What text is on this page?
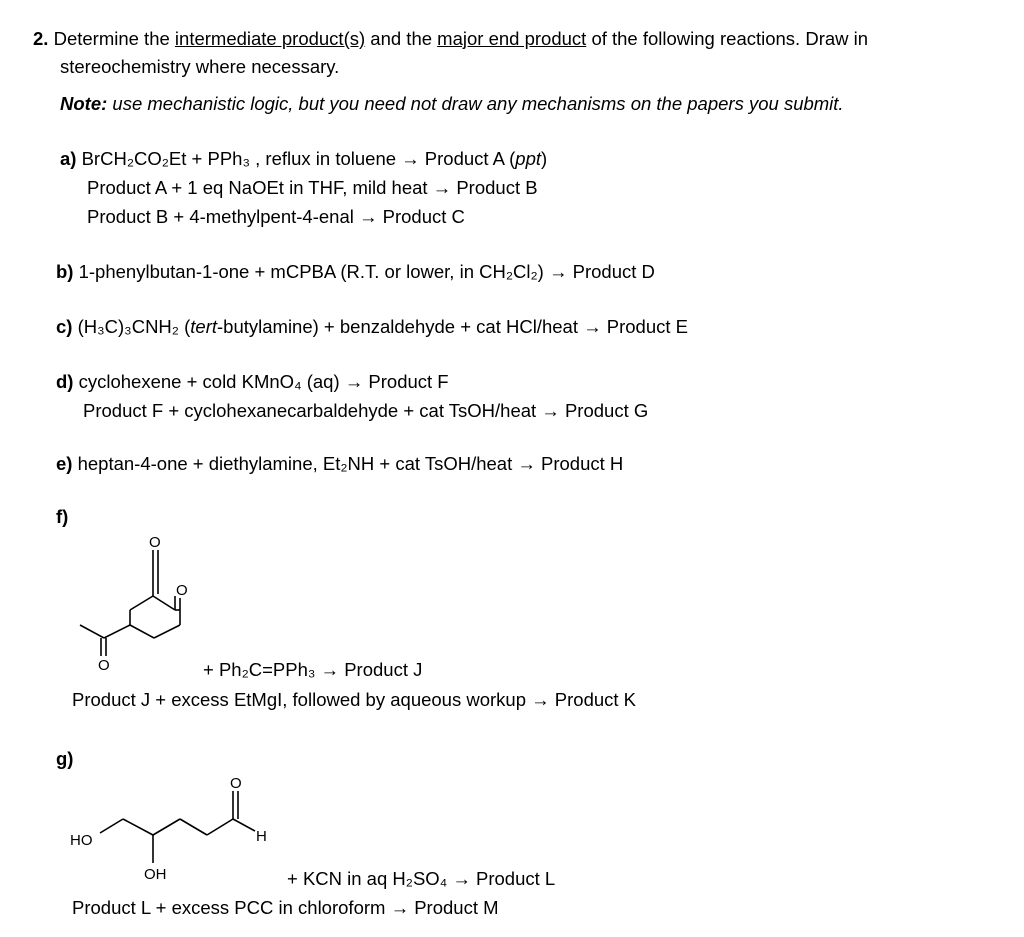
2. Determine the intermediate product(s) and the major end product of the following reactions. Draw in
stereochemistry where necessary.
Note: use mechanistic logic, but you need not draw any mechanisms on the papers you submit.
a) BrCH₂CO₂Et + PPh₃ , reflux in toluene → Product A (ppt)
Product A + 1 eq NaOEt in THF, mild heat → Product B
Product B + 4-methylpent-4-enal → Product C
b) 1-phenylbutan-1-one + mCPBA (R.T. or lower, in CH₂Cl₂) → Product D
c) (H₃C)₃CNH₂ (tert-butylamine) + benzaldehyde + cat HCl/heat → Product E
d) cyclohexene + cold KMnO₄ (aq) → Product F
Product F + cyclohexanecarbaldehyde + cat TsOH/heat → Product G
e) heptan-4-one + diethylamine, Et₂NH + cat TsOH/heat → Product H
f)
O
O
O	+ Ph₂C=PPh₃ → Product J
Product J + excess EtMgI, followed by aqueous workup → Product K
g)
O
HO	H
OH	+ KCN in aq H₂SO₄ → Product L
Product L + excess PCC in chloroform → Product M
